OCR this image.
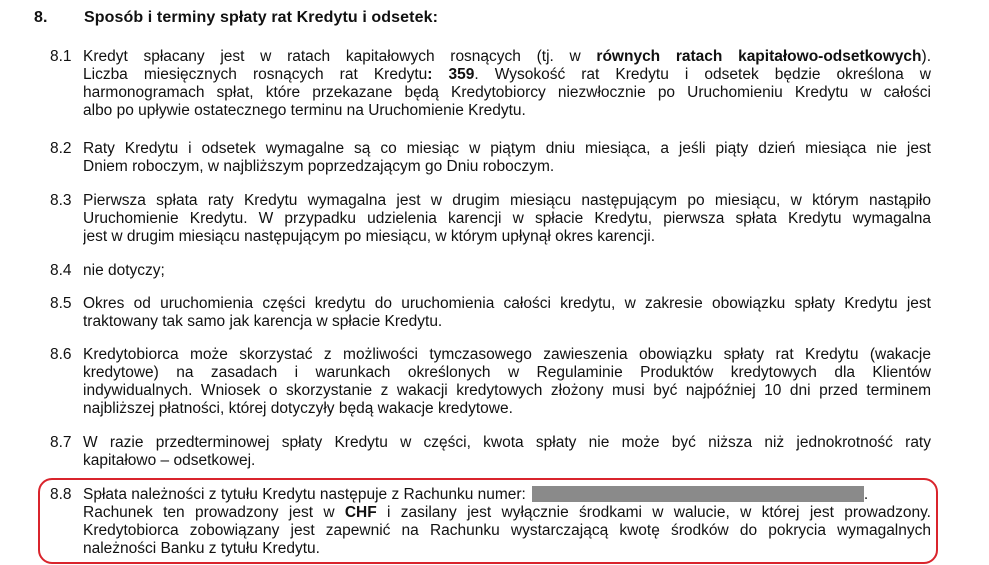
8. Sposób i terminy spłaty rat Kredytu i odsetek:
8.1 Kredyt spłacany jest w ratach kapitałowych rosnących (tj. w równych ratach kapitałowo-odsetkowych).
Liczba miesięcznych rosnących rat Kredytu: 359. Wysokość rat Kredytu i odsetek będzie określona w
harmonogramach spłat, które przekazane będą Kredytobiorcy niezwłocznie po Uruchomieniu Kredytu w całości
albo po upływie ostatecznego terminu na Uruchomienie Kredytu.
8.2 Raty Kredytu i odsetek wymagalne są co miesiąc w piątym dniu miesiąca, a jeśli piąty dzień miesiąca nie jest
Dniem roboczym, w najbliższym poprzedzającym go Dniu roboczym.
8.3 Pierwsza spłata raty Kredytu wymagalna jest w drugim miesiącu następującym po miesiącu, w którym nastąpiło
Uruchomienie Kredytu. W przypadku udzielenia karencji w spłacie Kredytu, pierwsza spłata Kredytu wymagalna
jest w drugim miesiącu następującym po miesiącu, w którym upłynął okres karencji.
8.4 nie dotyczy;
8.5 Okres od uruchomienia części kredytu do uruchomienia całości kredytu, w zakresie obowiązku spłaty Kredytu jest
traktowany tak samo jak karencja w spłacie Kredytu.
8.6 Kredytobiorca może skorzystać z możliwości tymczasowego zawieszenia obowiązku spłaty rat Kredytu (wakacje
kredytowe) na zasadach i warunkach określonych w Regulaminie Produktów kredytowych dla Klientów
indywidualnych. Wniosek o skorzystanie z wakacji kredytowych złożony musi być najpóźniej 10 dni przed terminem
najbliższej płatności, której dotyczyły będą wakacje kredytowe.
8.7 W razie przedterminowej spłaty Kredytu w części, kwota spłaty nie może być niższa niż jednokrotność raty
kapitałowo – odsetkowej.
8.8 Spłata należności z tytułu Kredytu następuje z Rachunku numer:	.
Rachunek ten prowadzony jest w CHF i zasilany jest wyłącznie środkami w walucie, w której jest prowadzony.
Kredytobiorca zobowiązany jest zapewnić na Rachunku wystarczającą kwotę środków do pokrycia wymagalnych
należności Banku z tytułu Kredytu.
